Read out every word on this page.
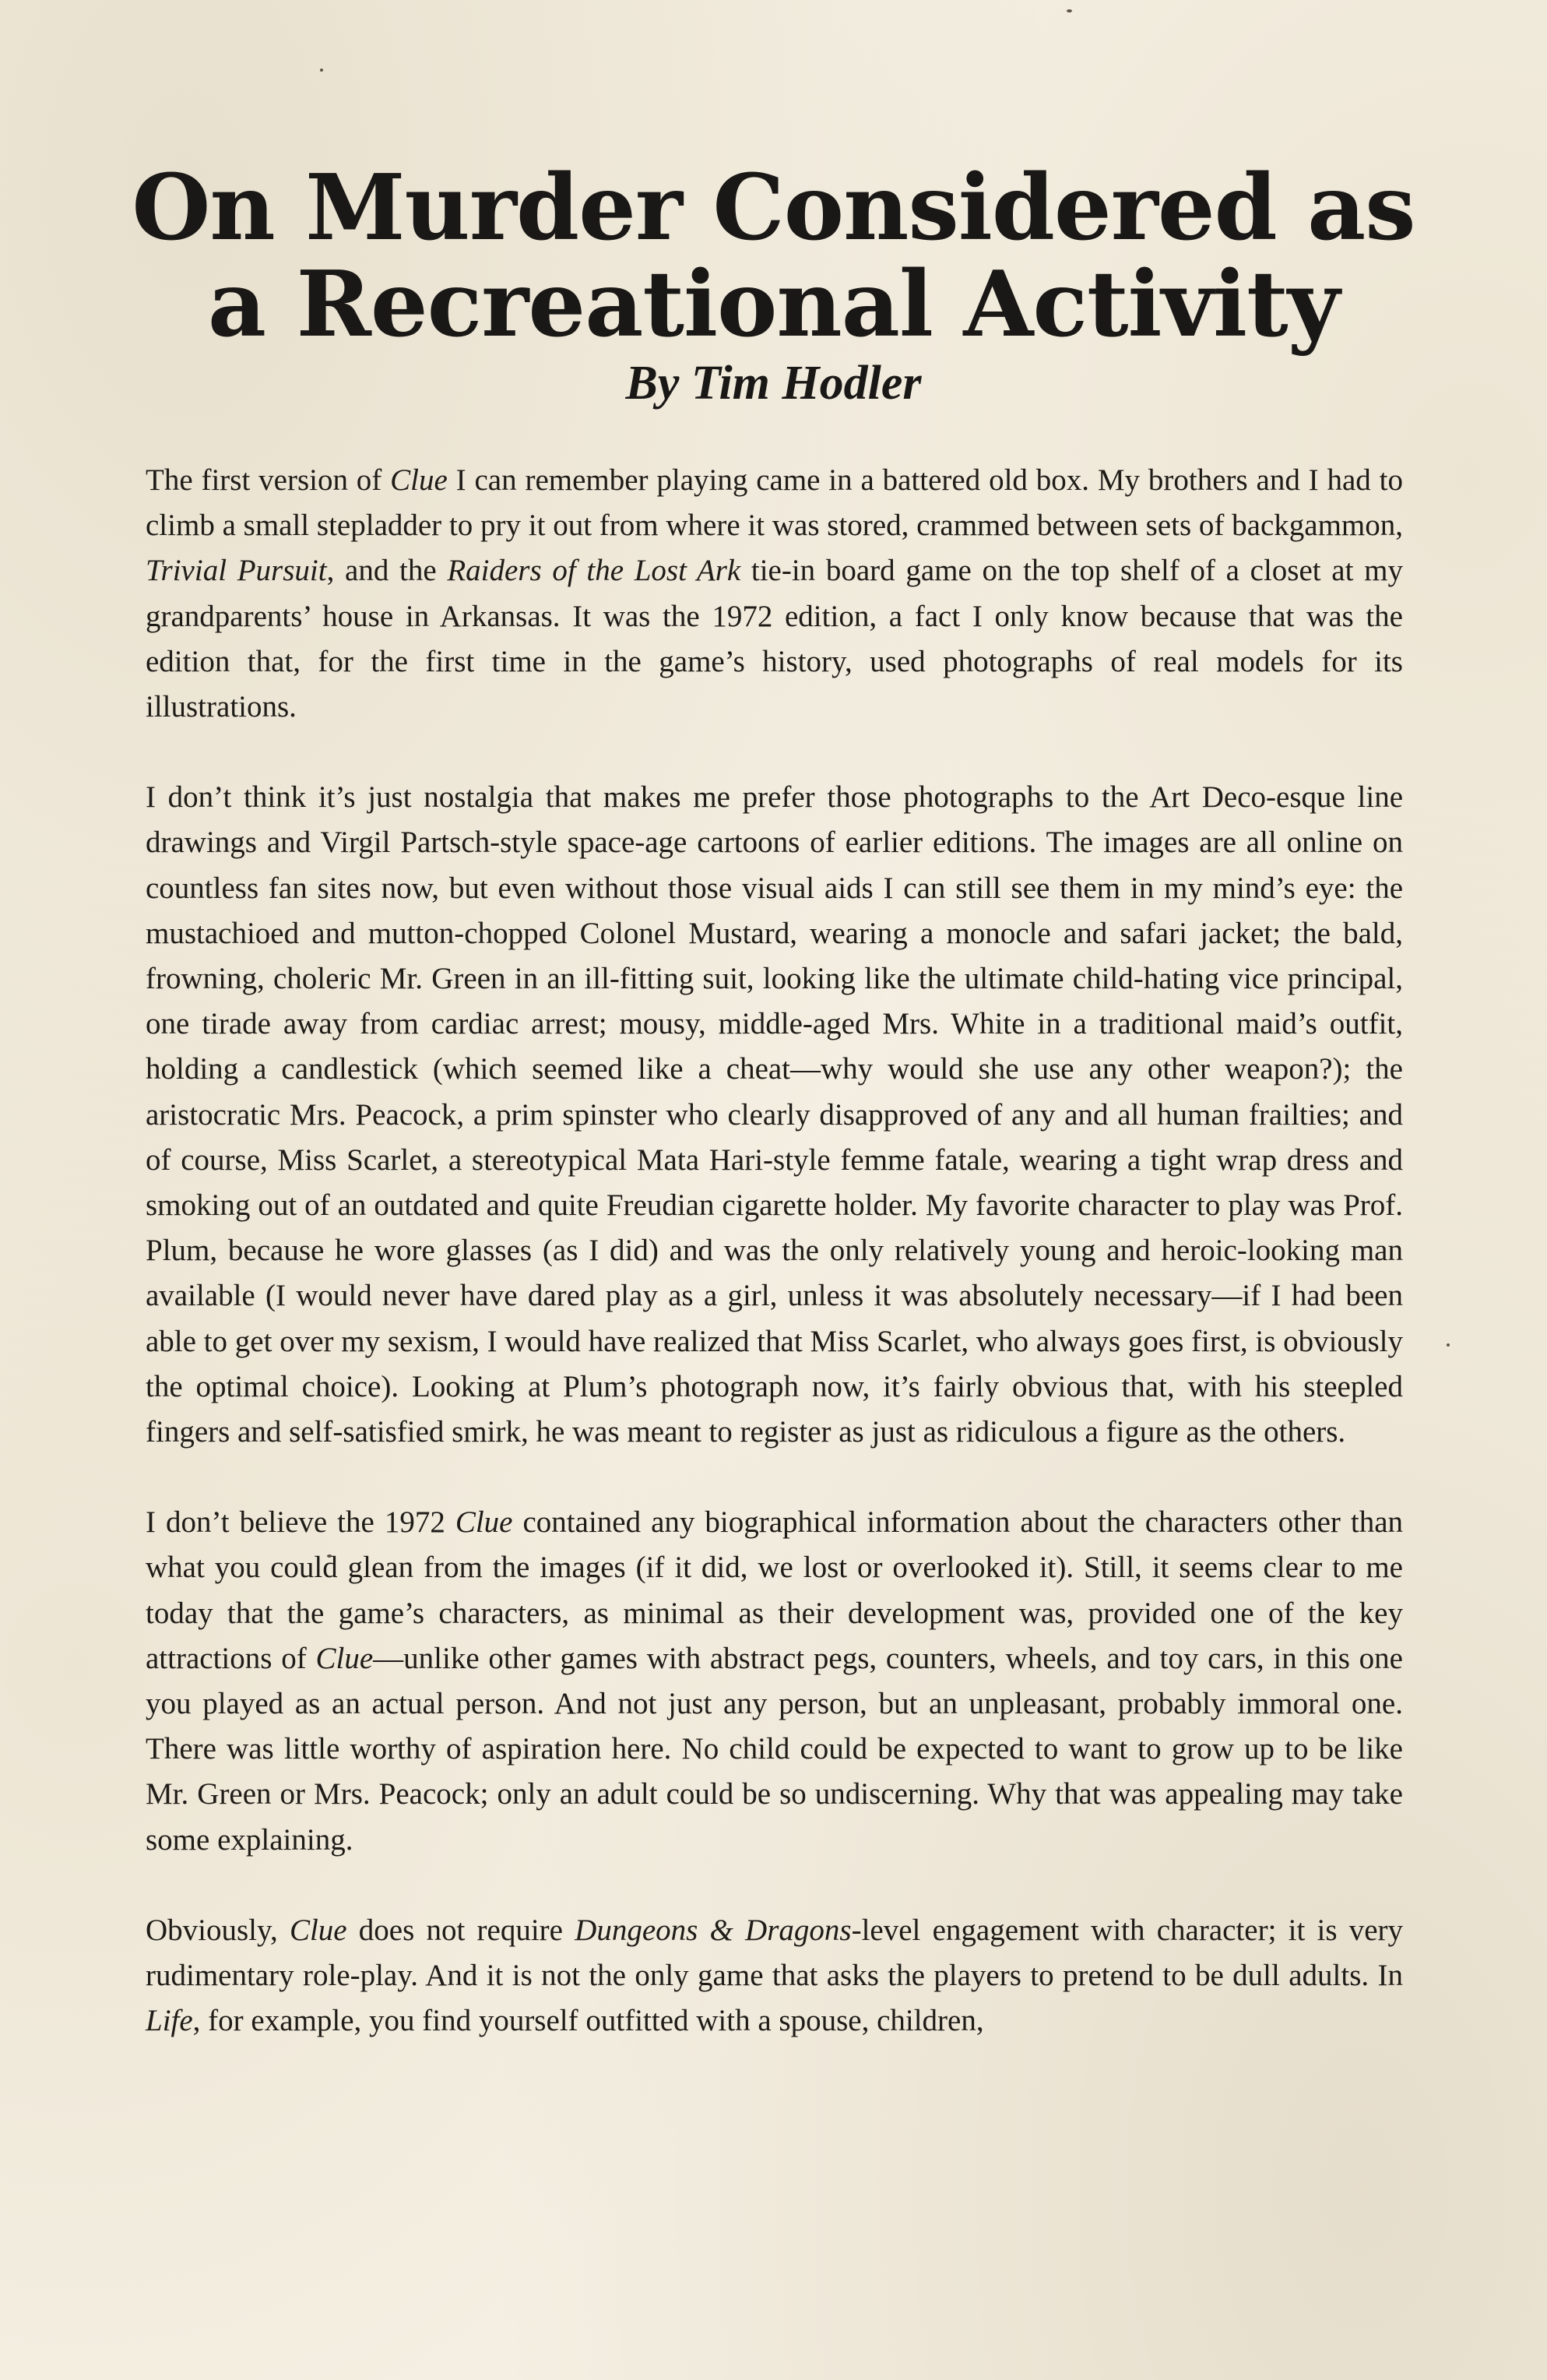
On Murder Considered as
a Recreational Activity
By Tim Hodler

The first version of Clue I can remember playing came in a battered old box. My brothers and I had to climb a small stepladder to pry it out from where it was stored, crammed between sets of backgammon, Trivial Pursuit, and the Raiders of the Lost Ark tie-in board game on the top shelf of a closet at my grandparents’ house in Arkansas. It was the 1972 edition, a fact I only know because that was the edition that, for the first time in the game’s history, used photographs of real models for its illustrations.

I don’t think it’s just nostalgia that makes me prefer those photographs to the Art Deco-esque line drawings and Virgil Partsch-style space-age cartoons of earlier editions. The images are all online on countless fan sites now, but even without those visual aids I can still see them in my mind’s eye: the mustachioed and mutton-chopped Colonel Mustard, wearing a monocle and safari jacket; the bald, frowning, choleric Mr. Green in an ill-fitting suit, looking like the ultimate child-hating vice principal, one tirade away from cardiac arrest; mousy, middle-aged Mrs. White in a traditional maid’s outfit, holding a candlestick (which seemed like a cheat—why would she use any other weapon?); the aristocratic Mrs. Peacock, a prim spinster who clearly disapproved of any and all human frailties; and of course, Miss Scarlet, a stereotypical Mata Hari-style femme fatale, wearing a tight wrap dress and smoking out of an outdated and quite Freudian cigarette holder. My favorite character to play was Prof. Plum, because he wore glasses (as I did) and was the only relatively young and heroic-looking man available (I would never have dared play as a girl, unless it was absolutely necessary—if I had been able to get over my sexism, I would have realized that Miss Scarlet, who always goes first, is obviously the optimal choice). Looking at Plum’s photograph now, it’s fairly obvious that, with his steepled fingers and self-satisfied smirk, he was meant to register as just as ridiculous a figure as the others.

I don’t believe the 1972 Clue contained any biographical information about the characters other than what you could glean from the images (if it did, we lost or overlooked it). Still, it seems clear to me today that the game’s characters, as minimal as their development was, provided one of the key attractions of Clue—unlike other games with abstract pegs, counters, wheels, and toy cars, in this one you played as an actual person. And not just any person, but an unpleasant, probably immoral one. There was little worthy of aspiration here. No child could be expected to want to grow up to be like Mr. Green or Mrs. Peacock; only an adult could be so undiscerning. Why that was appealing may take some explaining.

Obviously, Clue does not require Dungeons & Dragons-level engagement with character; it is very rudimentary role-play. And it is not the only game that asks the players to pretend to be dull adults. In Life, for example, you find yourself outfitted with a spouse, children,
